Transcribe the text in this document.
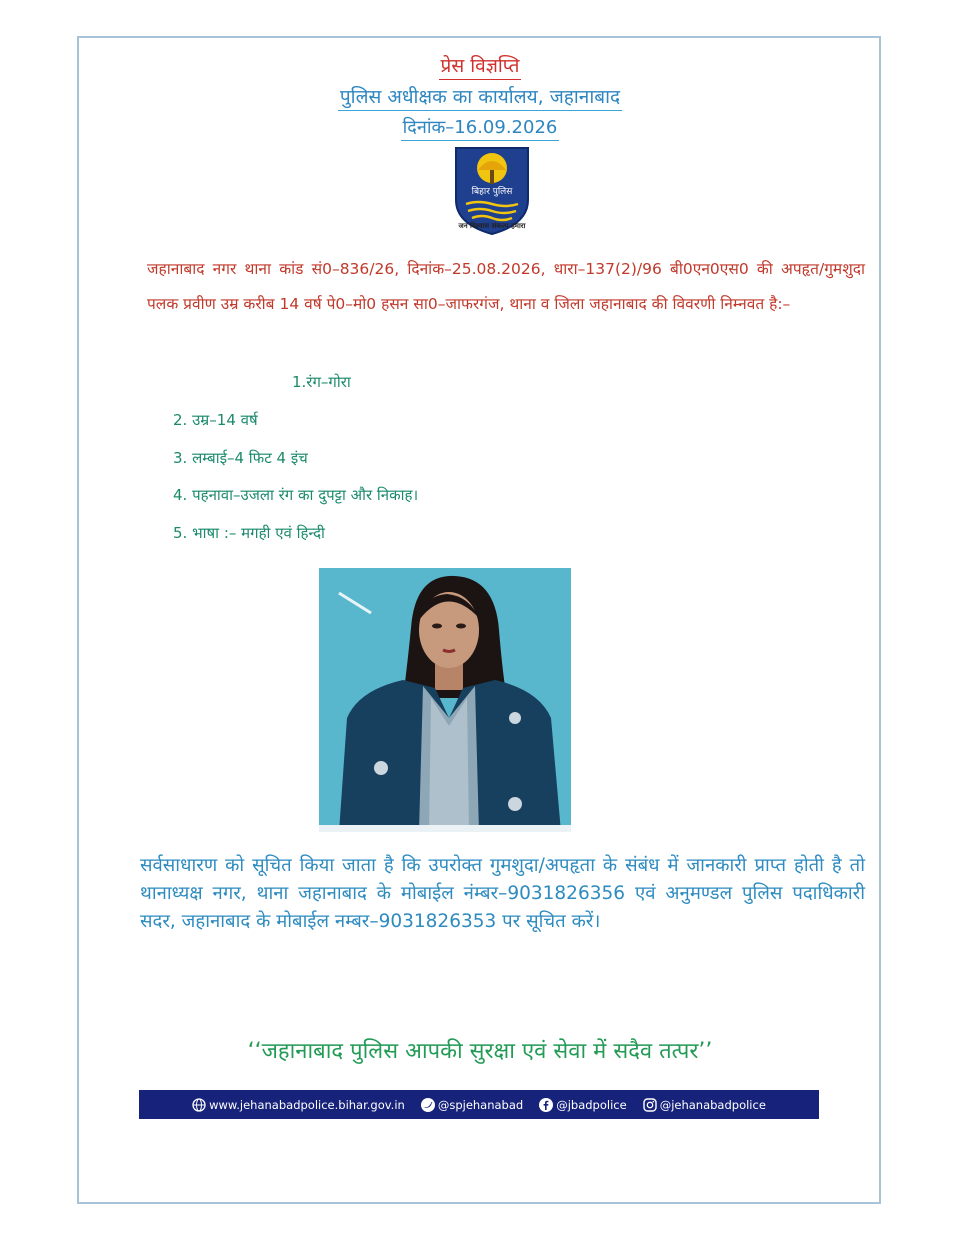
प्रेस विज्ञप्ति
पुलिस अधीक्षक का कार्यालय, जहानाबाद
दिनांक–16.09.2026
बिहार पुलिस
जन विश्वास संकल्प हमारा
जहानाबाद नगर थाना कांड सं0–836/26, दिनांक–25.08.2026, धारा–137(2)/96 बी0एन0एस0 की अपहृत/गुमशुदा पलक प्रवीण उम्र करीब 14 वर्ष पे0–मो0 हसन सा0–जाफरगंज, थाना व जिला जहानाबाद की विवरणी निम्नवत है:–
1.रंग–गोरा
2. उम्र–14 वर्ष
3. लम्बाई–4 फिट 4 इंच
4. पहनावा–उजला रंग का दुपट्टा और निकाह।
5. भाषा :– मगही एवं हिन्दी
सर्वसाधारण को सूचित किया जाता है कि उपरोक्त गुमशुदा/अपहृता के संबंध में जानकारी प्राप्त होती है तो थानाध्यक्ष नगर, थाना जहानाबाद के मोबाईल नंम्बर–9031826356 एवं अनुमण्डल पुलिस पदाधिकारी सदर, जहानाबाद के मोबाईल नम्बर–9031826353 पर सूचित करें।
‘‘जहानाबाद पुलिस आपकी सुरक्षा एवं सेवा में सदैव तत्पर’’
www.jehanabadpolice.bihar.gov.in	@spjehanabad	@jbadpolice	@jehanabadpolice
